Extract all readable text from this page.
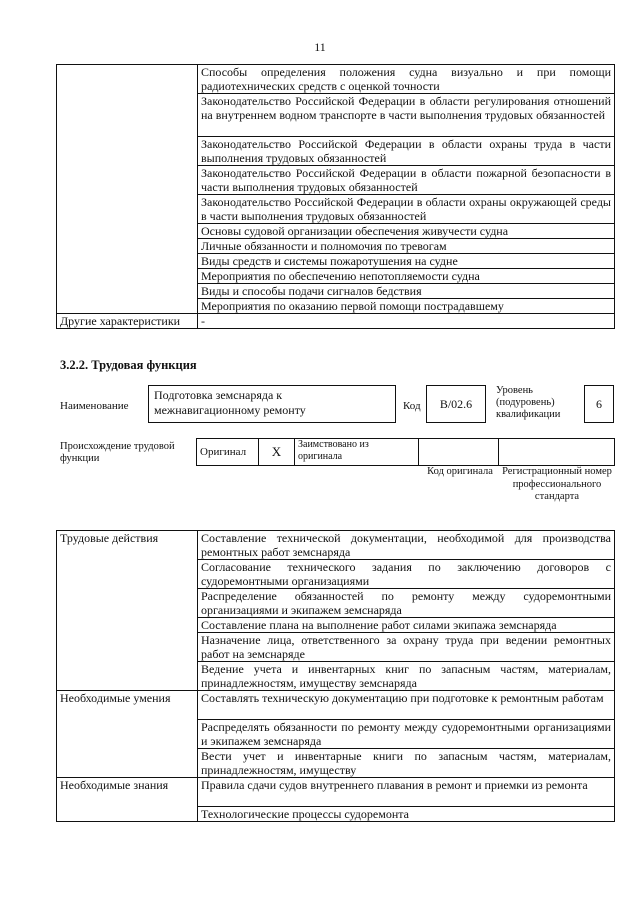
11
	Способы определения положения судна визуально и при помощи радиотехнических средств с оценкой точности
	Законодательство Российской Федерации в области регулирования отношений на внутреннем водном транспорте в части выполнения трудовых обязанностей
	Законодательство Российской Федерации в области охраны труда в части выполнения трудовых обязанностей
	Законодательство Российской Федерации в области пожарной безопасности в части выполнения трудовых обязанностей
	Законодательство Российской Федерации в области охраны окружающей среды в части выполнения трудовых обязанностей
	Основы судовой организации обеспечения живучести судна
	Личные обязанности и полномочия по тревогам
	Виды средств и системы пожаротушения на судне
	Мероприятия по обеспечению непотопляемости судна
	Виды и способы подачи сигналов бедствия
	Мероприятия по оказанию первой помощи пострадавшему
Другие характеристики	-
3.2.2. Трудовая функция
Наименование
Подготовка земснаряда к межнавигационному ремонту	Код	B/02.6
Уровень (подуровень) квалификации
6
Происхождение трудовой функции
Оригинал	X	Заимствовано из оригинала		
Код оригинала Регистрационный номер профессионального стандарта
Трудовые действия	Составление технической документации, необходимой для производства ремонтных работ земснаряда
	Согласование технического задания по заключению договоров с судоремонтными организациями
	Распределение обязанностей по ремонту между судоремонтными организациями и экипажем земснаряда
	Составление плана на выполнение работ силами экипажа земснаряда
	Назначение лица, ответственного за охрану труда при ведении ремонтных работ на земснаряде
	Ведение учета и инвентарных книг по запасным частям, материалам, принадлежностям, имуществу земснаряда
Необходимые умения	Составлять техническую документацию при подготовке к ремонтным работам
	Распределять обязанности по ремонту между судоремонтными организациями и экипажем земснаряда
	Вести учет и инвентарные книги по запасным частям, материалам, принадлежностям, имуществу
Необходимые знания	Правила сдачи судов внутреннего плавания в ремонт и приемки из ремонта
	Технологические процессы судоремонта
